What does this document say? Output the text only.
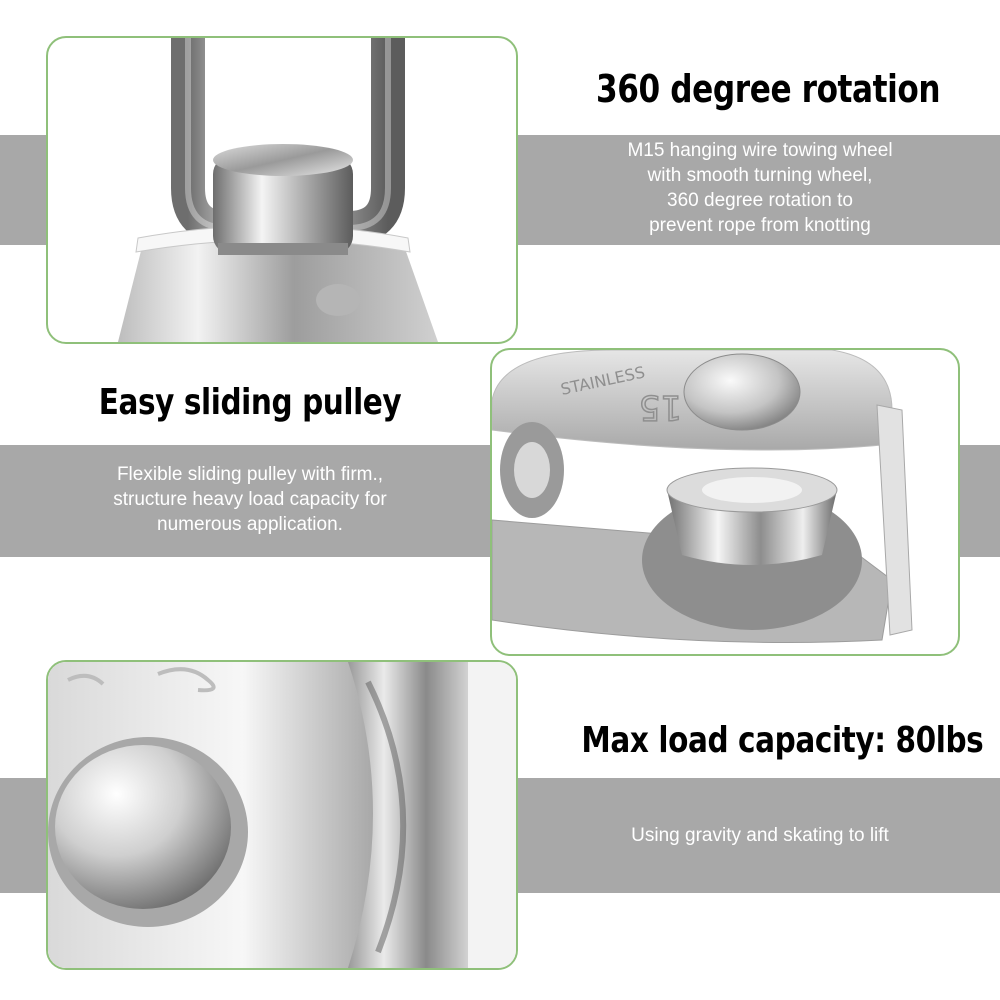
STAINLESS
15
360 degree rotation
M15 hanging wire towing wheel
with smooth turning wheel,
360 degree rotation to
prevent rope from knotting
Easy sliding pulley
Flexible sliding pulley with firm.,
structure heavy load capacity for
numerous application.
Max load capacity: 80lbs
Using gravity and skating to lift
